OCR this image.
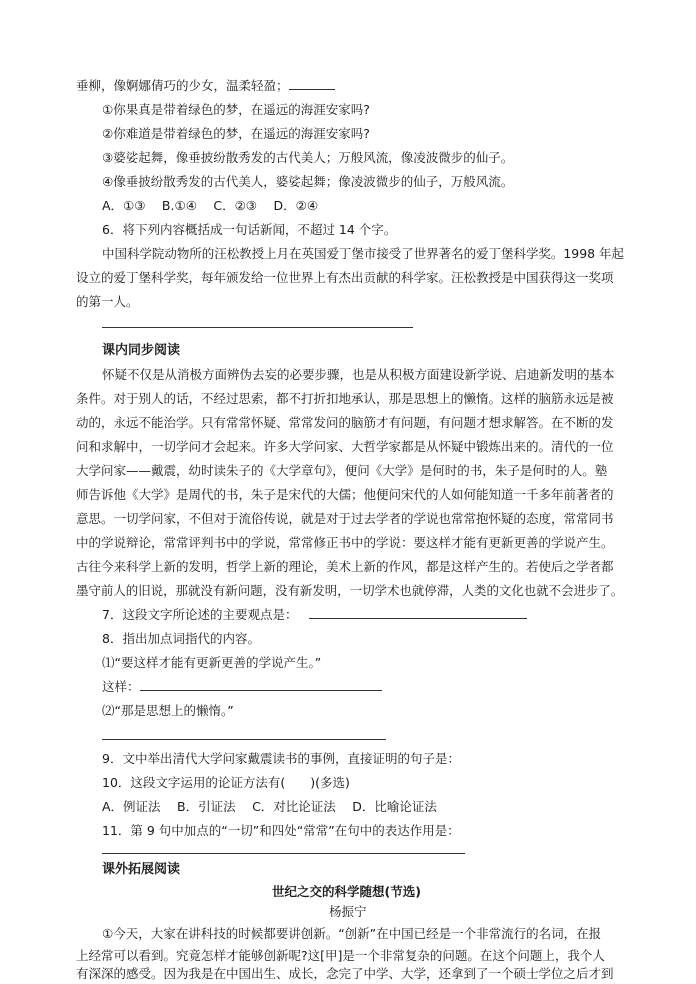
垂柳，像婀娜倩巧的少女，温柔轻盈；
①你果真是带着绿色的梦，在遥远的海涯安家吗?
②你难道是带着绿色的梦，在遥远的海涯安家吗?
③婆娑起舞，像垂披纷散秀发的古代美人；万般风流，像凌波微步的仙子。
④像垂披纷散秀发的古代美人，婆娑起舞；像凌波微步的仙子，万般风流。
A．①③　 B.①④　 C．②③　 D．②④
6．将下列内容概括成一句话新闻，不超过 14 个字。
中国科学院动物所的汪松教授上月在英国爱丁堡市接受了世界著名的爱丁堡科学奖。1998 年起
设立的爱丁堡科学奖，每年颁发给一位世界上有杰出贡献的科学家。汪松教授是中国获得这一奖项
的第一人。
课内同步阅读
怀疑不仅是从消极方面辨伪去妄的必要步骤，也是从积极方面建设新学说、启迪新发明的基本
条件。对于别人的话，不经过思索，都不打折扣地承认，那是思想上的懒惰。这样的脑筋永远是被
动的，永远不能治学。只有常常怀疑、常常发问的脑筋才有问题，有问题才想求解答。在不断的发
问和求解中，一切学问才会起来。许多大学问家、大哲学家都是从怀疑中锻炼出来的。清代的一位
大学问家——戴震，幼时读朱子的《大学章句》，便问《大学》是何时的书，朱子是何时的人。塾
师告诉他《大学》是周代的书，朱子是宋代的大儒；他便问宋代的人如何能知道一千多年前著者的
意思。一切学问家，不但对于流俗传说，就是对于过去学者的学说也常常抱怀疑的态度，常常同书
中的学说辩论，常常评判书中的学说，常常修正书中的学说：要这样才能有更新更善的学说产生。
古往今来科学上新的发明，哲学上新的理论，美术上新的作风，都是这样产生的。若使后之学者都
墨守前人的旧说，那就没有新问题，没有新发明，一切学术也就停滞，人类的文化也就不会进步了。
7．这段文字所论述的主要观点是：
8．指出加点词指代的内容。
⑴“要这样才能有更新更善的学说产生。”
这样：
⑵“那是思想上的懒惰。”
9．文中举出清代大学问家戴震读书的事例，直接证明的句子是：
10．这段文字运用的论证方法有(　　)(多选)
A．例证法　 B．引证法　 C．对比论证法　 D．比喻论证法
11．第 9 句中加点的“一切”和四处“常常”在句中的表达作用是：
课外拓展阅读
世纪之交的科学随想(节选)
杨振宁
①今天，大家在讲科技的时候都要讲创新。“创新”在中国已经是一个非常流行的名词，在报
上经常可以看到。究竟怎样才能够创新呢?这[甲]是一个非常复杂的问题。在这个问题上，我个人
有深深的感受。因为我是在中国出生、成长，念完了中学、大学，还拿到了一个硕士学位之后才到
